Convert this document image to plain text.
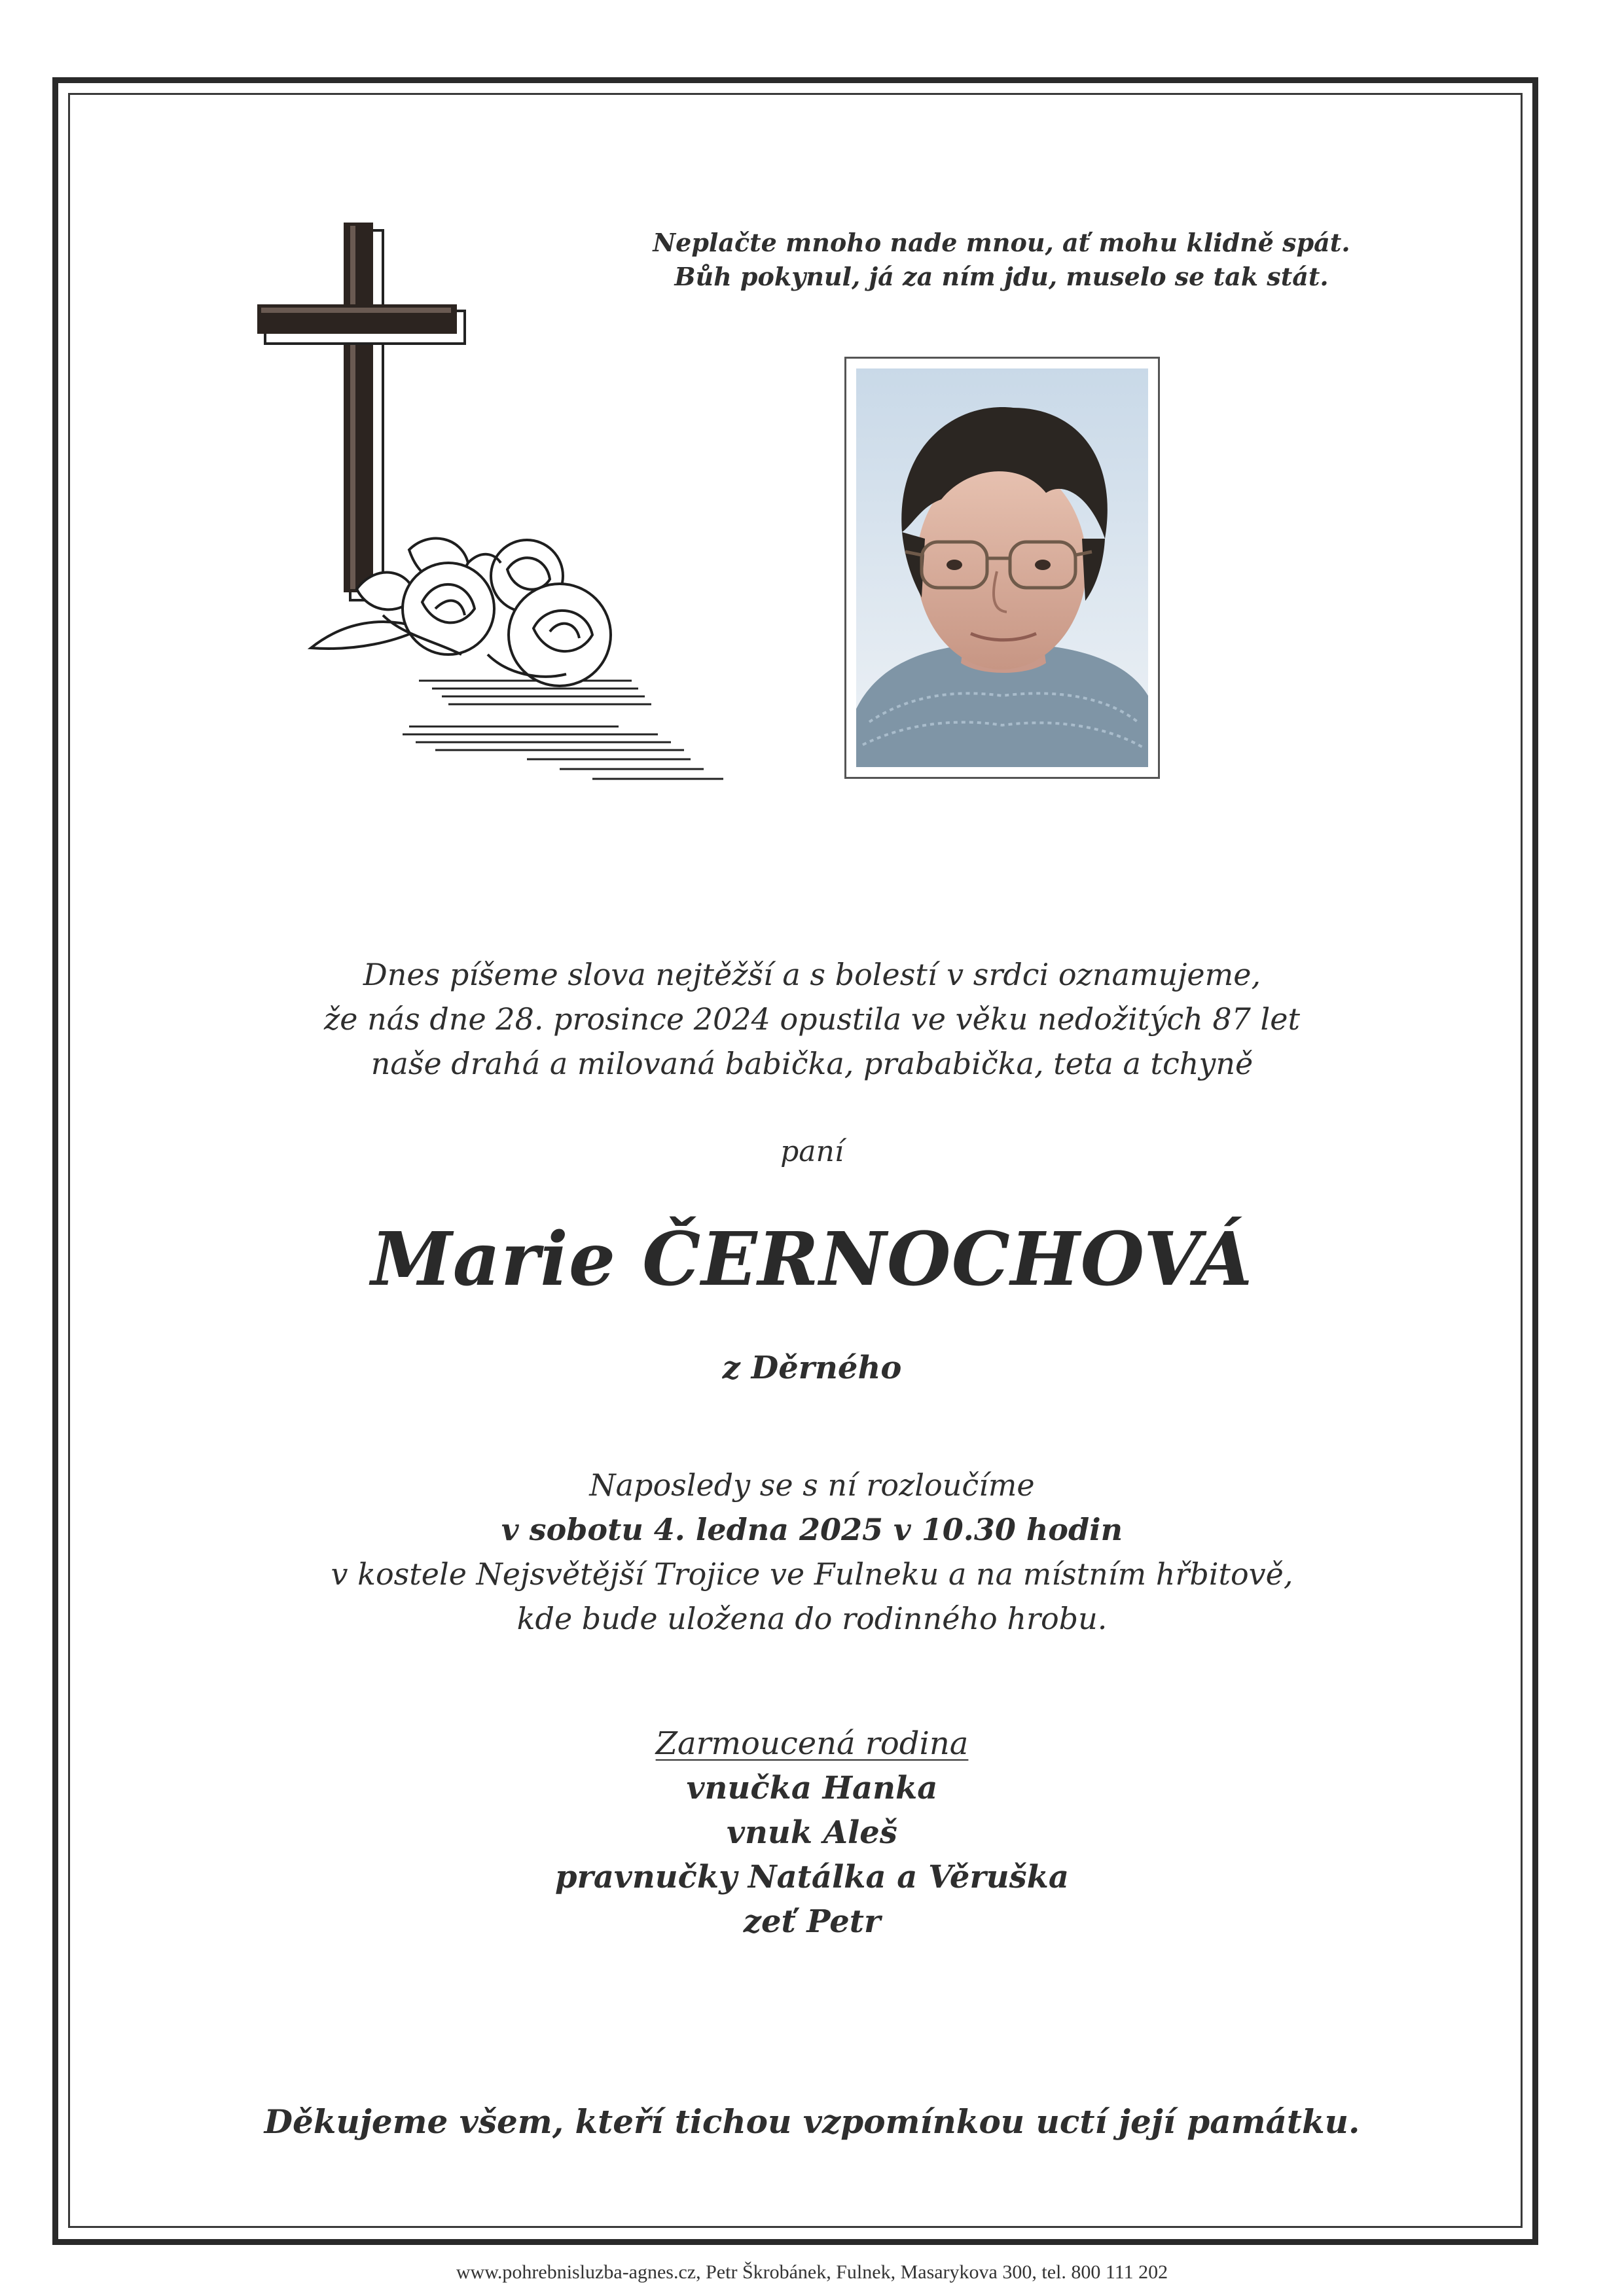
Neplačte mnoho nade mnou, ať mohu klidně spát.
Bůh pokynul, já za ním jdu, muselo se tak stát.
Dnes píšeme slova nejtěžší a s bolestí v srdci oznamujeme,
že nás dne 28. prosince 2024 opustila ve věku nedožitých 87 let
naše drahá a milovaná babička, prababička, teta a tchyně
paní
Marie ČERNOCHOVÁ
z Děrného
Naposledy se s ní rozloučíme
v sobotu 4. ledna 2025 v 10.30 hodin
v kostele Nejsvětější Trojice ve Fulneku a na místním hřbitově,
kde bude uložena do rodinného hrobu.
Zarmoucená rodina
vnučka Hanka
vnuk Aleš
pravnučky Natálka a Věruška
zeť Petr
Děkujeme všem, kteří tichou vzpomínkou uctí její památku.
www.pohrebnisluzba-agnes.cz, Petr Škrobánek, Fulnek, Masarykova 300, tel. 800 111 202
